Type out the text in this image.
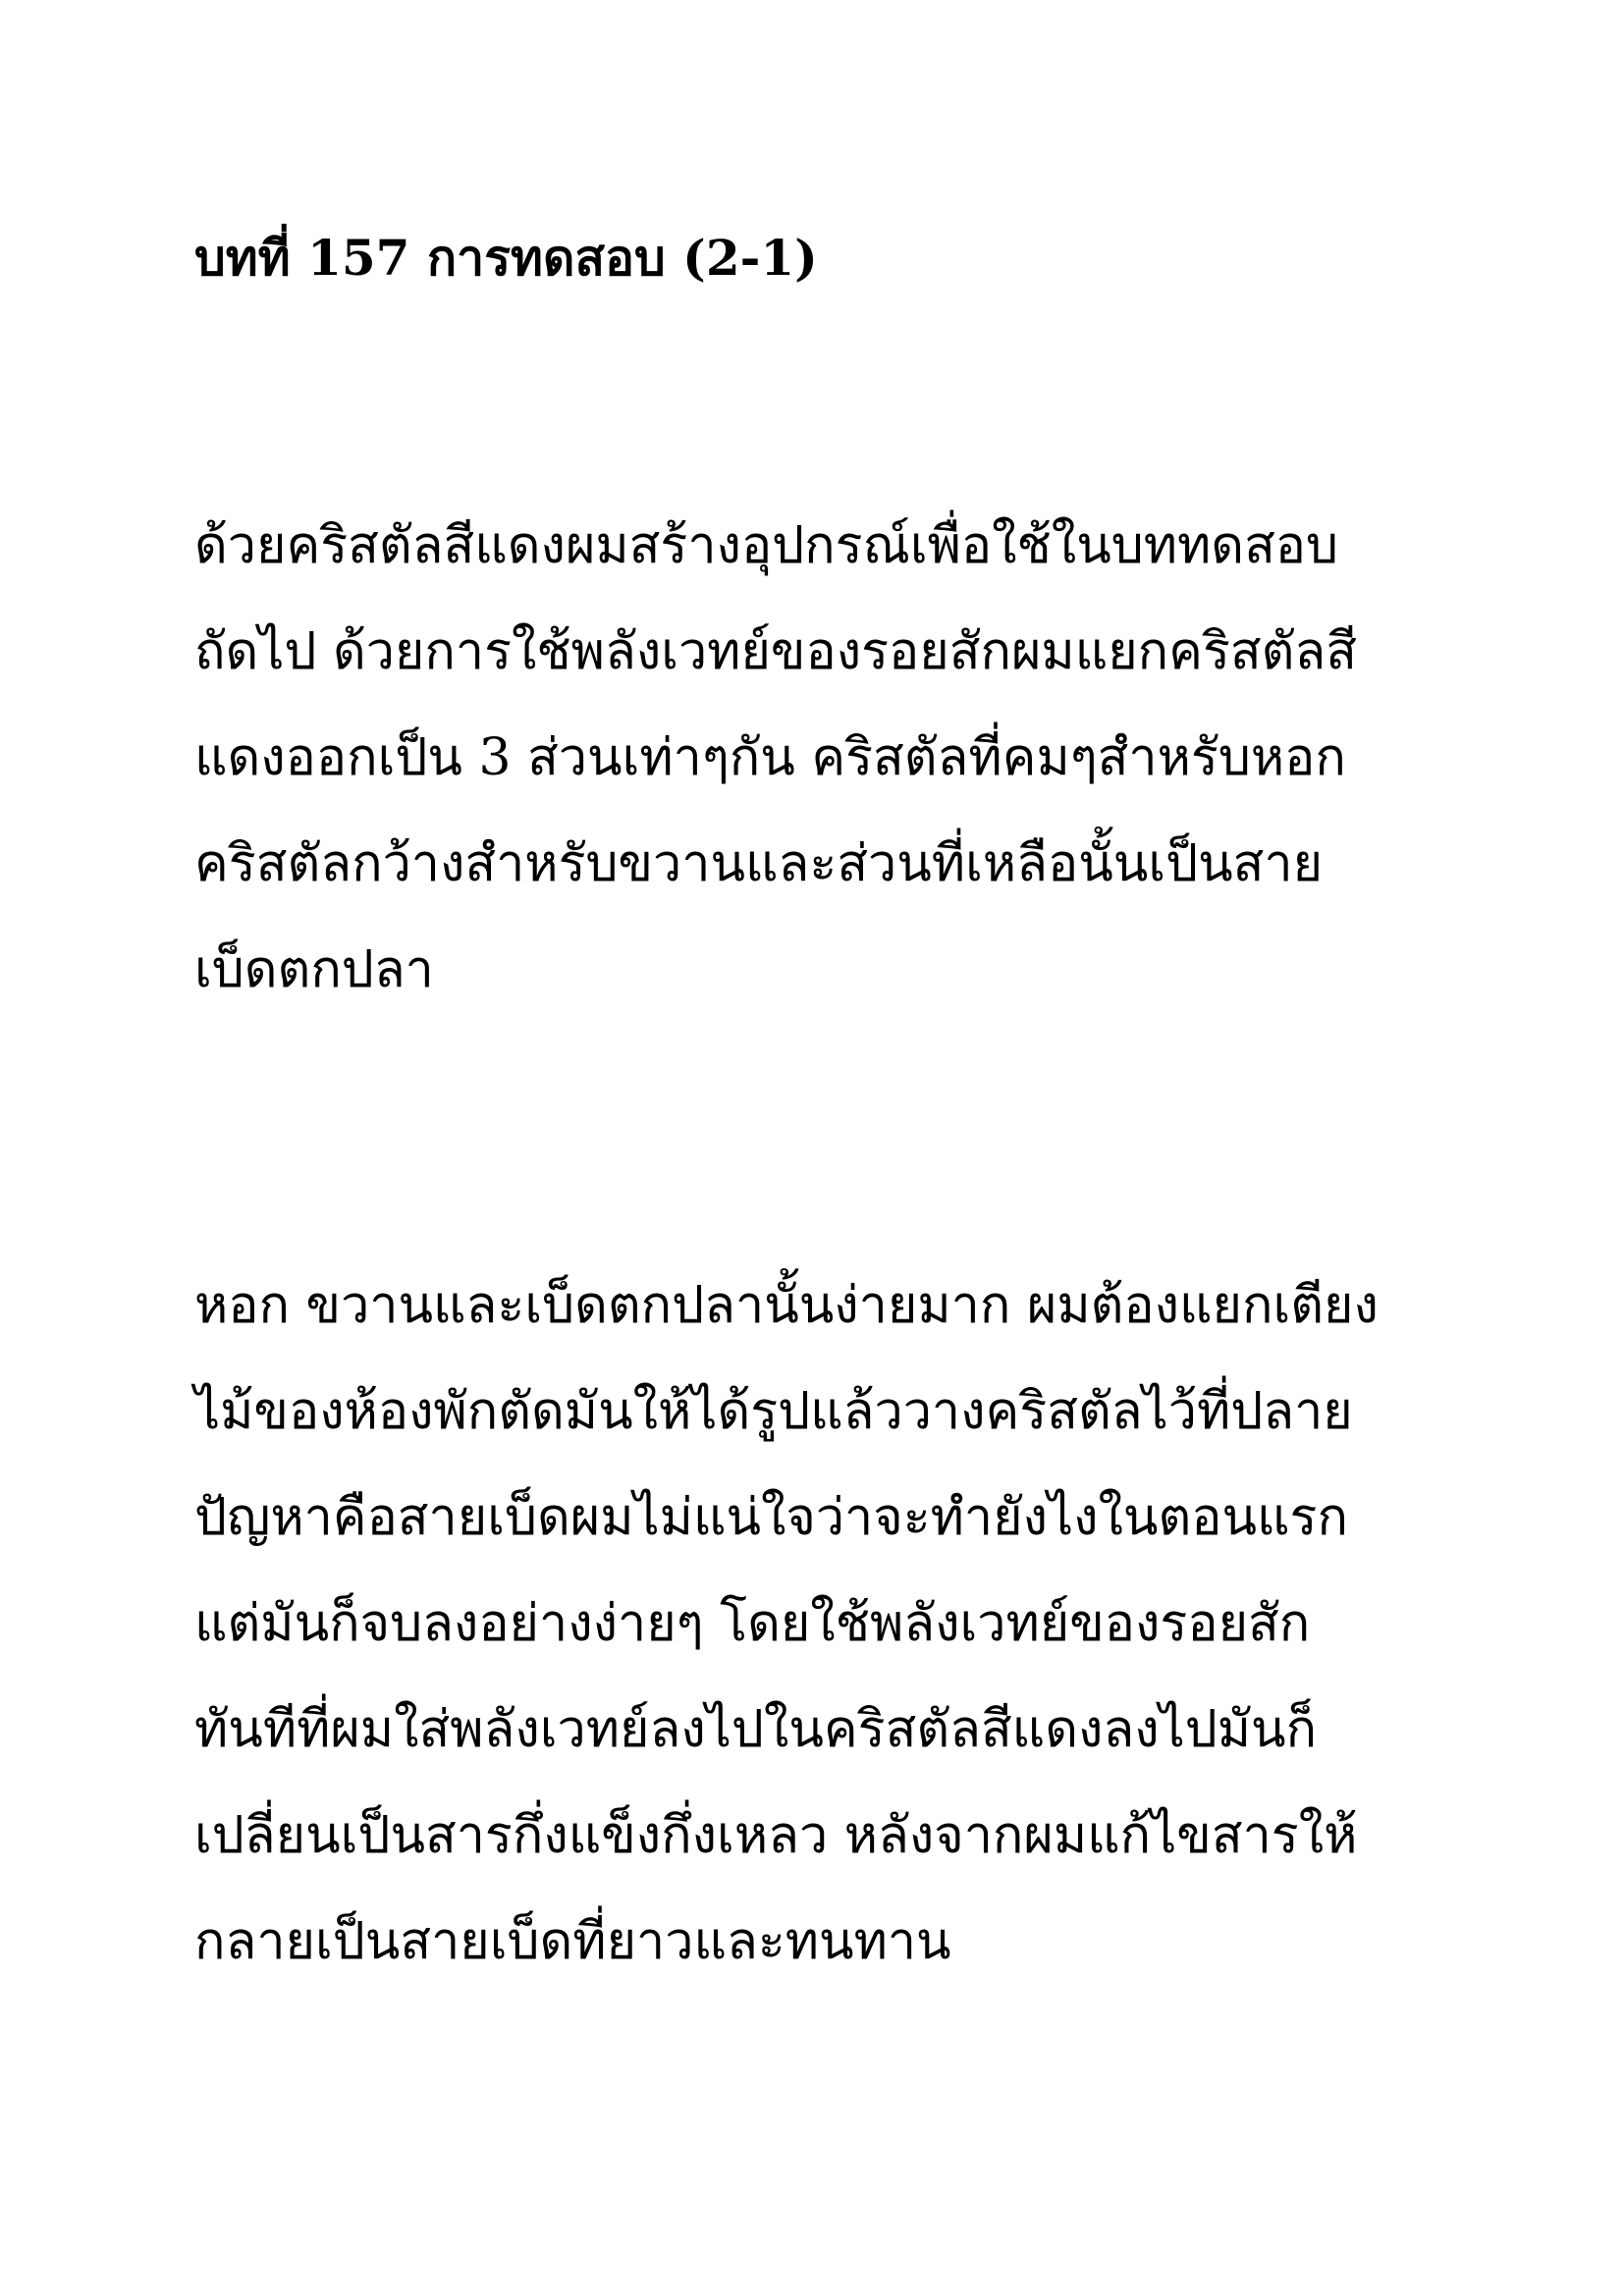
บทที่ 157 การทดสอบ (2-1)

ด้วยคริสตัลสีแดงผมสร้างอุปกรณ์เพื่อใช้ในบททดสอบ
ถัดไป ด้วยการใช้พลังเวทย์ของรอยสักผมแยกคริสตัลสี
แดงออกเป็น 3 ส่วนเท่าๆกัน คริสตัลที่คมๆสำหรับหอก
คริสตัลกว้างสำหรับขวานและส่วนที่เหลือนั้นเป็นสาย
เบ็ดตกปลา

หอก ขวานและเบ็ดตกปลานั้นง่ายมาก ผมต้องแยกเตียง
ไม้ของห้องพักตัดมันให้ได้รูปแล้ววางคริสตัลไว้ที่ปลาย
ปัญหาคือสายเบ็ดผมไม่แน่ใจว่าจะทำยังไงในตอนแรก
แต่มันก็จบลงอย่างง่ายๆ โดยใช้พลังเวทย์ของรอยสัก
ทันทีที่ผมใส่พลังเวทย์ลงไปในคริสตัลสีแดงลงไปมันก็
เปลี่ยนเป็นสารกึ่งแข็งกึ่งเหลว หลังจากผมแก้ไขสารให้
กลายเป็นสายเบ็ดที่ยาวและทนทาน
